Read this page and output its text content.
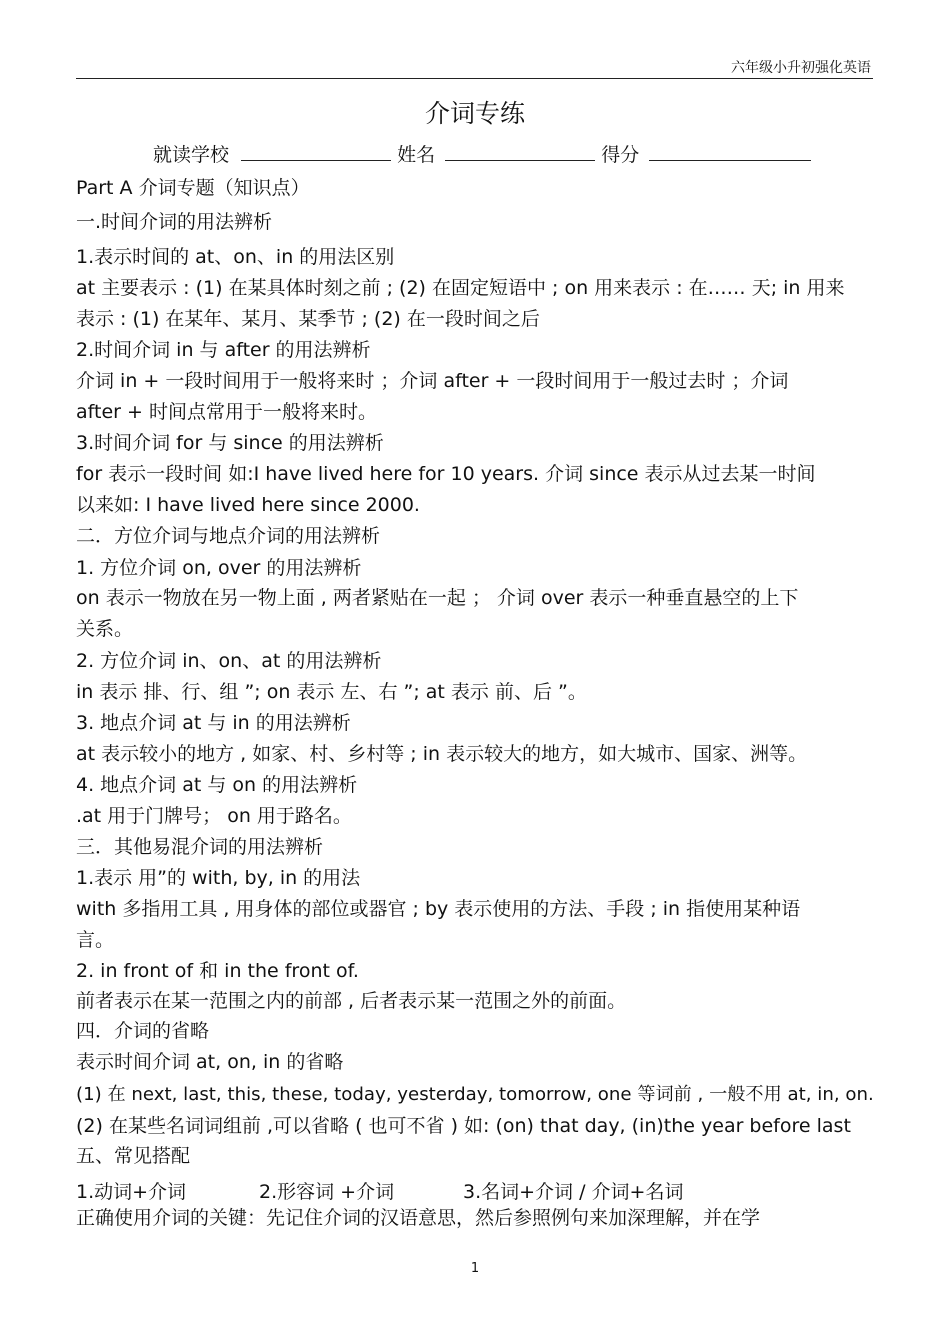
六年级小升初强化英语
介词专练
就读学校	姓名	得分
Part A 介词专题（知识点）
一.时间介词的用法辨析
1.表示时间的 at、on、in 的用法区别
at 主要表示 : (1) 在某具体时刻之前 ; (2) 在固定短语中 ; on 用来表示 : 在…… 天; in 用来
表示 : (1) 在某年、某月、某季节 ; (2) 在一段时间之后
2.时间介词 in 与 after 的用法辨析
介词 in + 一段时间用于一般将来时 ；介词 after + 一段时间用于一般过去时 ；介词
after + 时间点常用于一般将来时。
3.时间介词 for 与 since 的用法辨析
for 表示一段时间 如:I have lived here for 10 years. 介词 since 表示从过去某一时间
以来如: I have lived here since 2000.
二．方位介词与地点介词的用法辨析
1. 方位介词 on, over 的用法辨析
on 表示一物放在另一物上面 , 两者紧贴在一起 ； 介词 over 表示一种垂直悬空的上下
关系。
2. 方位介词 in、on、at 的用法辨析
in 表示 排、行、组 ”; on 表示 左、右 ”; at 表示 前、后 ”。
3. 地点介词 at 与 in 的用法辨析
at 表示较小的地方 , 如家、村、乡村等 ; in 表示较大的地方，如大城市、国家、洲等。
4. 地点介词 at 与 on 的用法辨析
.at 用于门牌号； on 用于路名。
三．其他易混介词的用法辨析
1.表示 用”的 with, by, in 的用法
with 多指用工具 , 用身体的部位或器官 ; by 表示使用的方法、手段 ; in 指使用某种语
言。
2. in front of 和 in the front of.
前者表示在某一范围之内的前部 , 后者表示某一范围之外的前面。
四．介词的省略
表示时间介词 at, on, in 的省略
(1) 在 next, last, this, these, today, yesterday, tomorrow, one 等词前 , 一般不用 at, in, on.
(2) 在某些名词词组前 ,可以省略 ( 也可不省 ) 如: (on) that day, (in)the year before last
五、常见搭配
1.动词+介词	2.形容词 +介词	3.名词+介词 / 介词+名词
正确使用介词的关键：先记住介词的汉语意思，然后参照例句来加深理解，并在学
1
